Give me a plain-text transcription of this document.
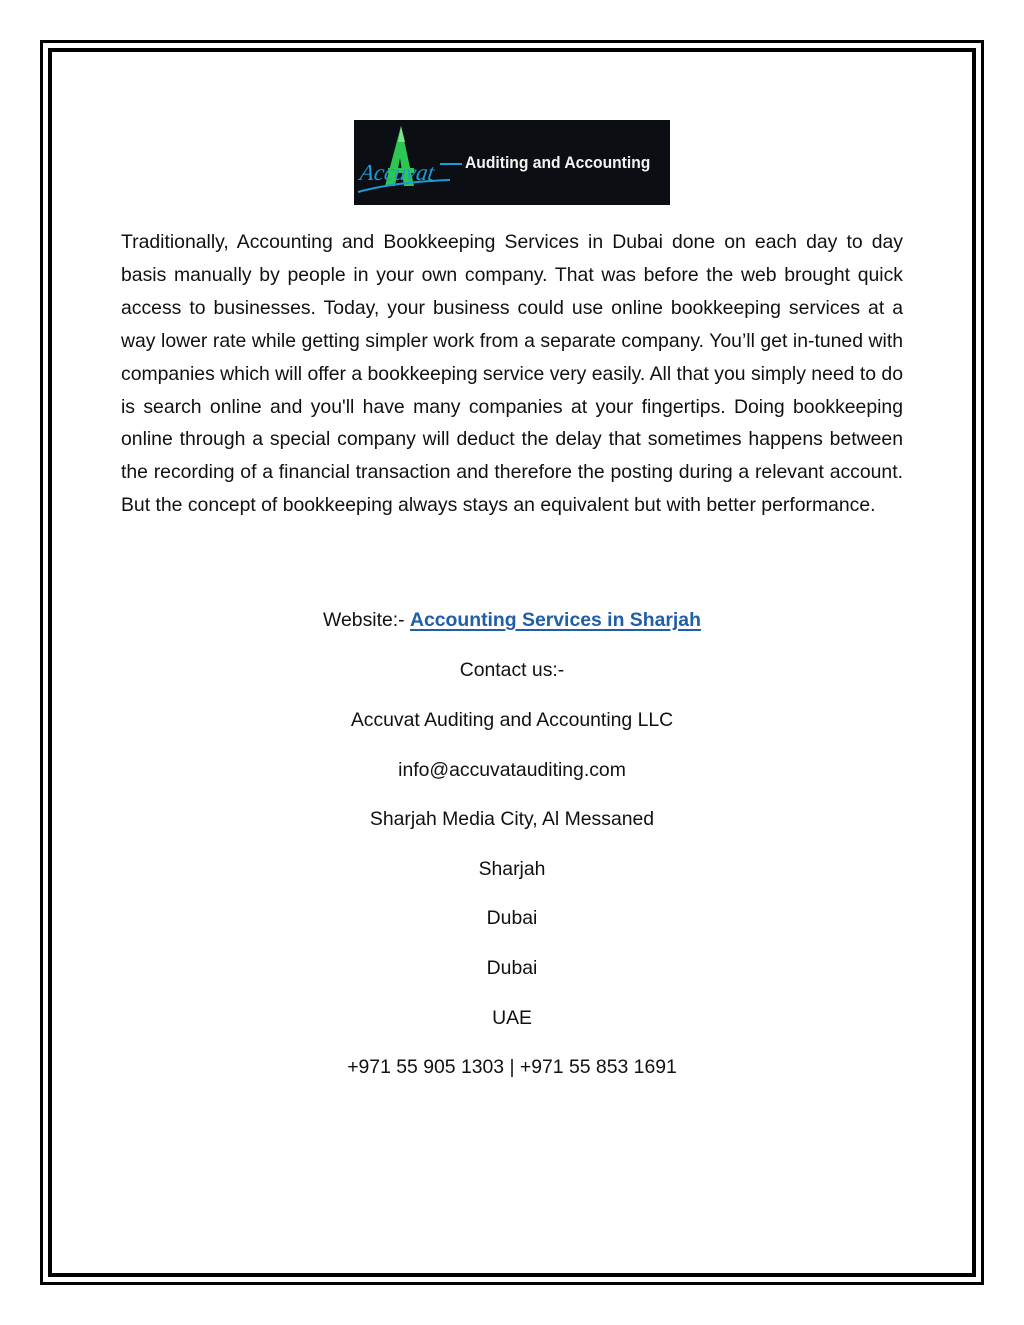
Accuvat Auditing and Accounting

Traditionally, Accounting and Bookkeeping Services in Dubai done on each day to day basis manually by people in your own company. That was before the web brought quick access to businesses. Today, your business could use online bookkeeping services at a way lower rate while getting simpler work from a separate company. You’ll get in-tuned with companies which will offer a bookkeeping service very easily. All that you simply need to do is search online and you'll have many companies at your fingertips. Doing bookkeeping online through a special company will deduct the delay that sometimes happens between the recording of a financial transaction and therefore the posting during a relevant account. But the concept of bookkeeping always stays an equivalent but with better performance.

Website:- Accounting Services in Sharjah
Contact us:-
Accuvat Auditing and Accounting LLC
info@accuvatauditing.com
Sharjah Media City, Al Messaned
Sharjah
Dubai
Dubai
UAE
+971 55 905 1303 | +971 55 853 1691
